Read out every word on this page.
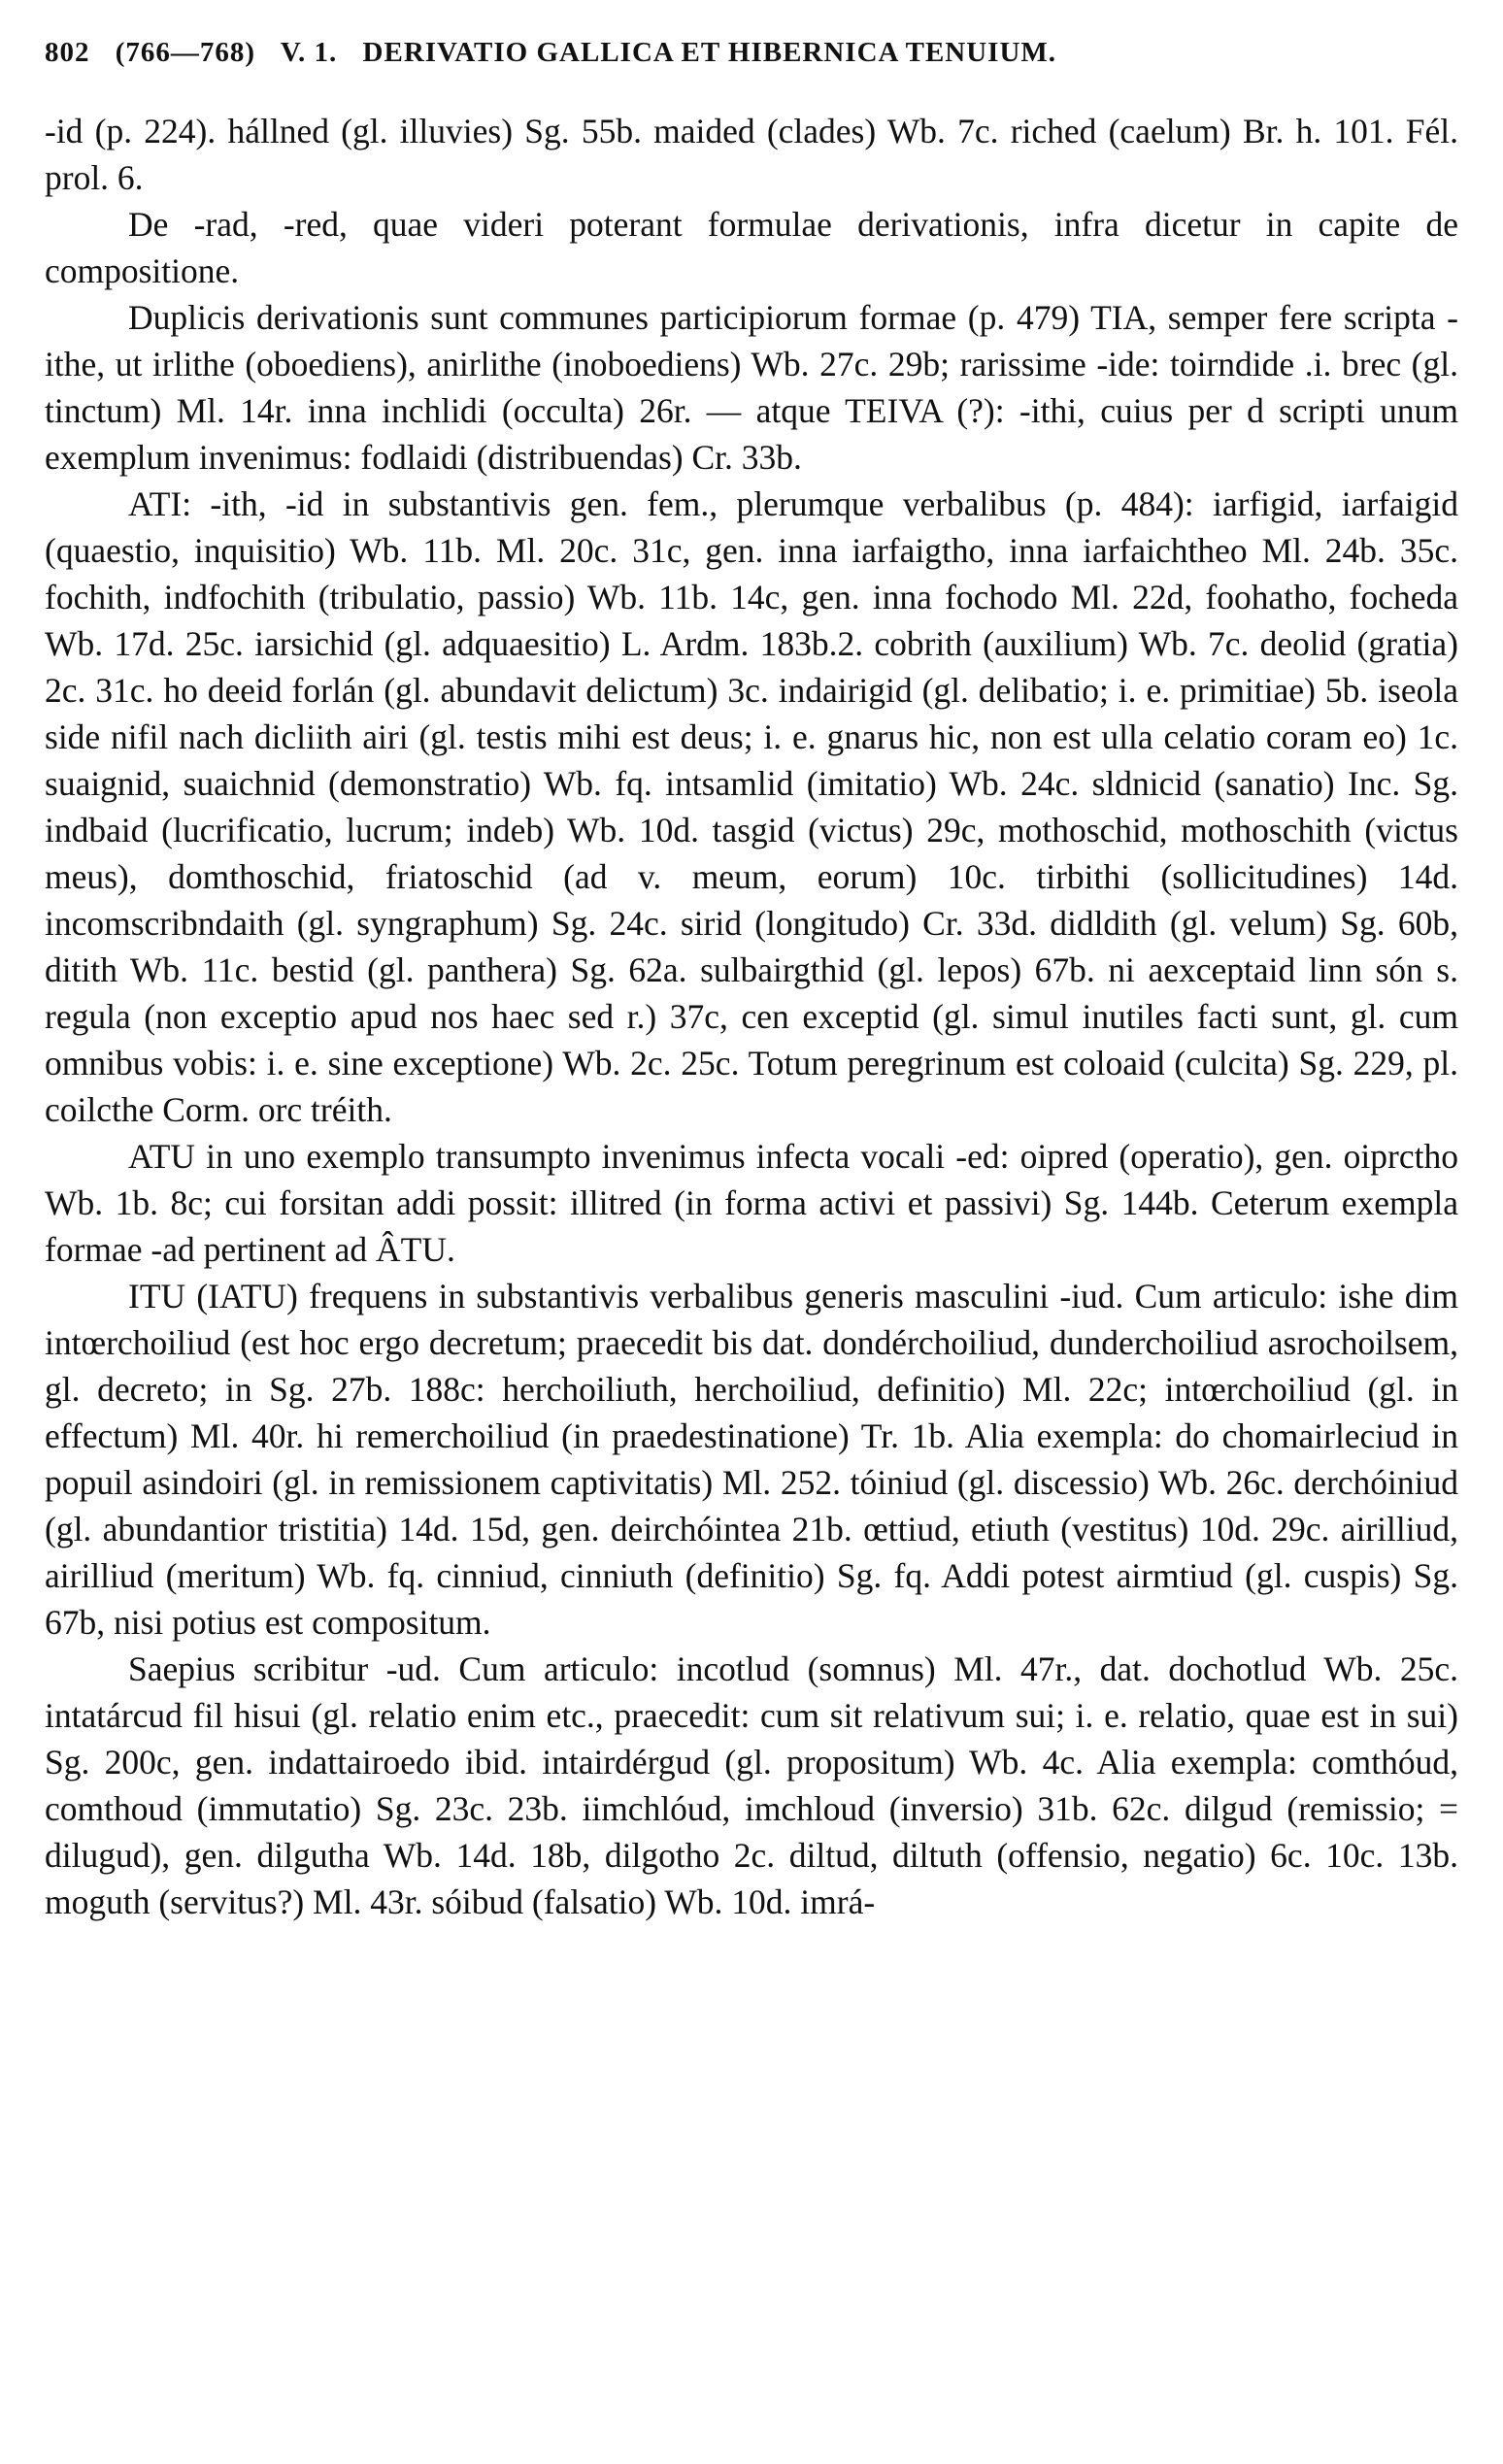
802 (766—768) V. 1. DERIVATIO GALLICA ET HIBERNICA TENUIUM.

-id (p. 224). hállned (gl. illuvies) Sg. 55b. maided (clades) Wb. 7c. riched (caelum) Br. h. 101. Fél. prol. 6.

De -rad, -red, quae videri poterant formulae derivationis, infra dicetur in capite de compositione.

Duplicis derivationis sunt communes participiorum formae (p. 479) TIA, semper fere scripta -ithe, ut irlithe (oboediens), anirlithe (inoboediens) Wb. 27c. 29b; rarissime -ide: toirndide .i. brec (gl. tinctum) Ml. 14r. inna inchlidi (occulta) 26r. — atque TEIVA (?): -ithi, cuius per d scripti unum exemplum invenimus: fodlaidi (distribuendas) Cr. 33b.

ATI: -ith, -id in substantivis gen. fem., plerumque verbalibus (p. 484): iarfigid, iarfaigid (quaestio, inquisitio) Wb. 11b. Ml. 20c. 31c, gen. inna iarfaigtho, inna iarfaichtheo Ml. 24b. 35c. fochith, indfochith (tribulatio, passio) Wb. 11b. 14c, gen. inna fochodo Ml. 22d, foohatho, focheda Wb. 17d. 25c. iarsichid (gl. adquaesitio) L. Ardm. 183b.2. cobrith (auxilium) Wb. 7c. deolid (gratia) 2c. 31c. ho deeid forlán (gl. abundavit delictum) 3c. indairigid (gl. delibatio; i. e. primitiae) 5b. iseola side nifil nach dicliith airi (gl. testis mihi est deus; i. e. gnarus hic, non est ulla celatio coram eo) 1c. suaignid, suaichnid (demonstratio) Wb. fq. intsamlid (imitatio) Wb. 24c. sldnicid (sanatio) Inc. Sg. indbaid (lucrificatio, lucrum; indeb) Wb. 10d. tasgid (victus) 29c, mothoschid, mothoschith (victus meus), domthoschid, friatoschid (ad v. meum, eorum) 10c. tirbithi (sollicitudines) 14d. incomscribndaith (gl. syngraphum) Sg. 24c. sirid (longitudo) Cr. 33d. didldith (gl. velum) Sg. 60b, ditith Wb. 11c. bestid (gl. panthera) Sg. 62a. sulbairgthid (gl. lepos) 67b. ni aexceptaid linn són s. regula (non exceptio apud nos haec sed r.) 37c, cen exceptid (gl. simul inutiles facti sunt, gl. cum omnibus vobis: i. e. sine exceptione) Wb. 2c. 25c. Totum peregrinum est coloaid (culcita) Sg. 229, pl. coilcthe Corm. orc tréith.

ATU in uno exemplo transumpto invenimus infecta vocali -ed: oipred (operatio), gen. oiprctho Wb. 1b. 8c; cui forsitan addi possit: illitred (in forma activi et passivi) Sg. 144b. Ceterum exempla formae -ad pertinent ad ÂTU.

ITU (IATU) frequens in substantivis verbalibus generis masculini -iud. Cum articulo: ishe dim intœrchoiliud (est hoc ergo decretum; praecedit bis dat. dondérchoiliud, dunderchoiliud asrochoilsem, gl. decreto; in Sg. 27b. 188c: herchoiliuth, herchoiliud, definitio) Ml. 22c; intœrchoiliud (gl. in effectum) Ml. 40r. hi remerchoiliud (in praedestinatione) Tr. 1b. Alia exempla: do chomairleciud in popuil asindoiri (gl. in remissionem captivitatis) Ml. 252. tóiniud (gl. discessio) Wb. 26c. derchóiniud (gl. abundantior tristitia) 14d. 15d, gen. deirchóintea 21b. œttiud, etiuth (vestitus) 10d. 29c. airilliud, airilliud (meritum) Wb. fq. cinniud, cinniuth (definitio) Sg. fq. Addi potest airmtiud (gl. cuspis) Sg. 67b, nisi potius est compositum.

Saepius scribitur -ud. Cum articulo: incotlud (somnus) Ml. 47r., dat. dochotlud Wb. 25c. intatárcud fil hisui (gl. relatio enim etc., praecedit: cum sit relativum sui; i. e. relatio, quae est in sui) Sg. 200c, gen. indattairoedo ibid. intairdérgud (gl. propositum) Wb. 4c. Alia exempla: comthóud, comthoud (immutatio) Sg. 23c. 23b. iimchlóud, imchloud (inversio) 31b. 62c. dilgud (remissio; = dilugud), gen. dilgutha Wb. 14d. 18b, dilgotho 2c. diltud, diltuth (offensio, negatio) 6c. 10c. 13b. moguth (servitus?) Ml. 43r. sóibud (falsatio) Wb. 10d. imrá-
